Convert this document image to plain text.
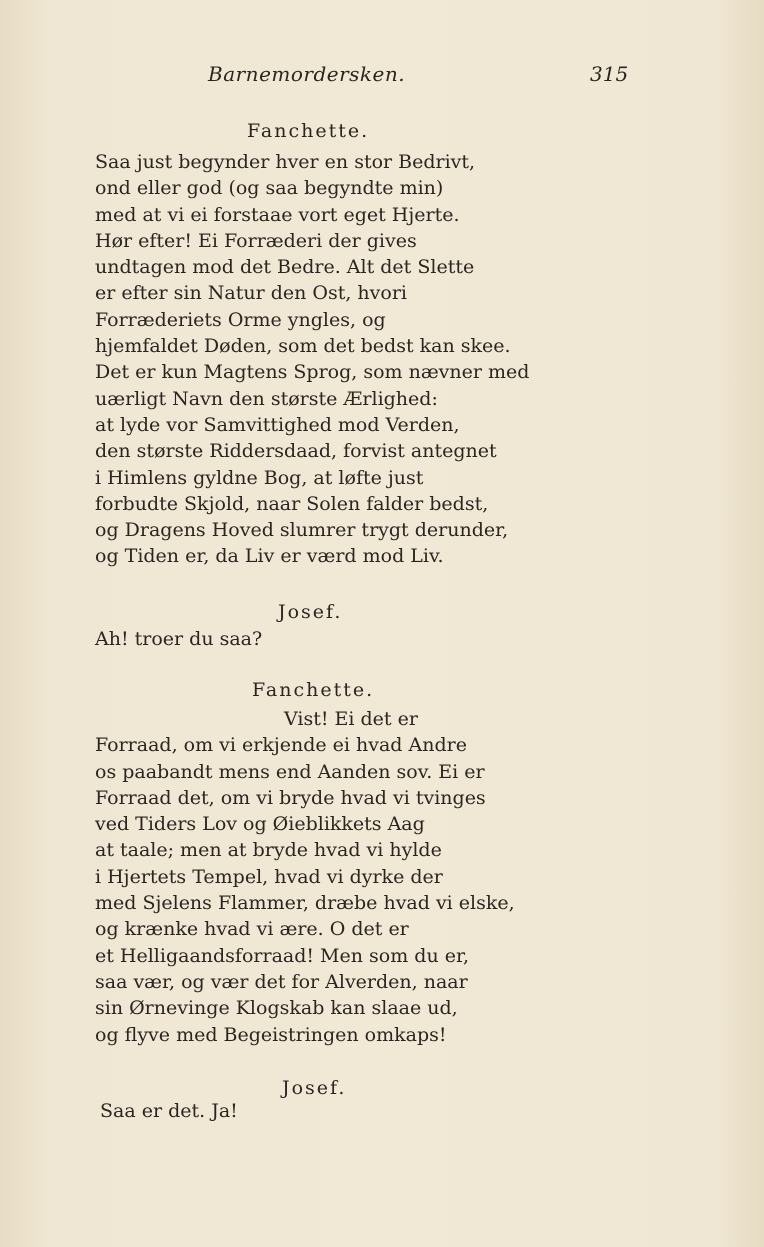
Barnemordersken.	315
Fanchette.
Saa just begynder hver en stor Bedrivt,
ond eller god (og saa begyndte min)
med at vi ei forstaae vort eget Hjerte.
Hør efter! Ei Forræderi der gives
undtagen mod det Bedre. Alt det Slette
er efter sin Natur den Ost, hvori
Forræderiets Orme yngles, og
hjemfaldet Døden, som det bedst kan skee.
Det er kun Magtens Sprog, som nævner med
uærligt Navn den største Ærlighed:
at lyde vor Samvittighed mod Verden,
den største Riddersdaad, forvist antegnet
i Himlens gyldne Bog, at løfte just
forbudte Skjold, naar Solen falder bedst,
og Dragens Hoved slumrer trygt derunder,
og Tiden er, da Liv er værd mod Liv.
Josef.
Ah! troer du saa?
Fanchette.
Vist! Ei det er
Forraad, om vi erkjende ei hvad Andre
os paabandt mens end Aanden sov. Ei er
Forraad det, om vi bryde hvad vi tvinges
ved Tiders Lov og Øieblikkets Aag
at taale; men at bryde hvad vi hylde
i Hjertets Tempel, hvad vi dyrke der
med Sjelens Flammer, dræbe hvad vi elske,
og krænke hvad vi ære. O det er
et Helligaandsforraad! Men som du er,
saa vær, og vær det for Alverden, naar
sin Ørnevinge Klogskab kan slaae ud,
og flyve med Begeistringen omkaps!
Josef.
Saa er det. Ja!
